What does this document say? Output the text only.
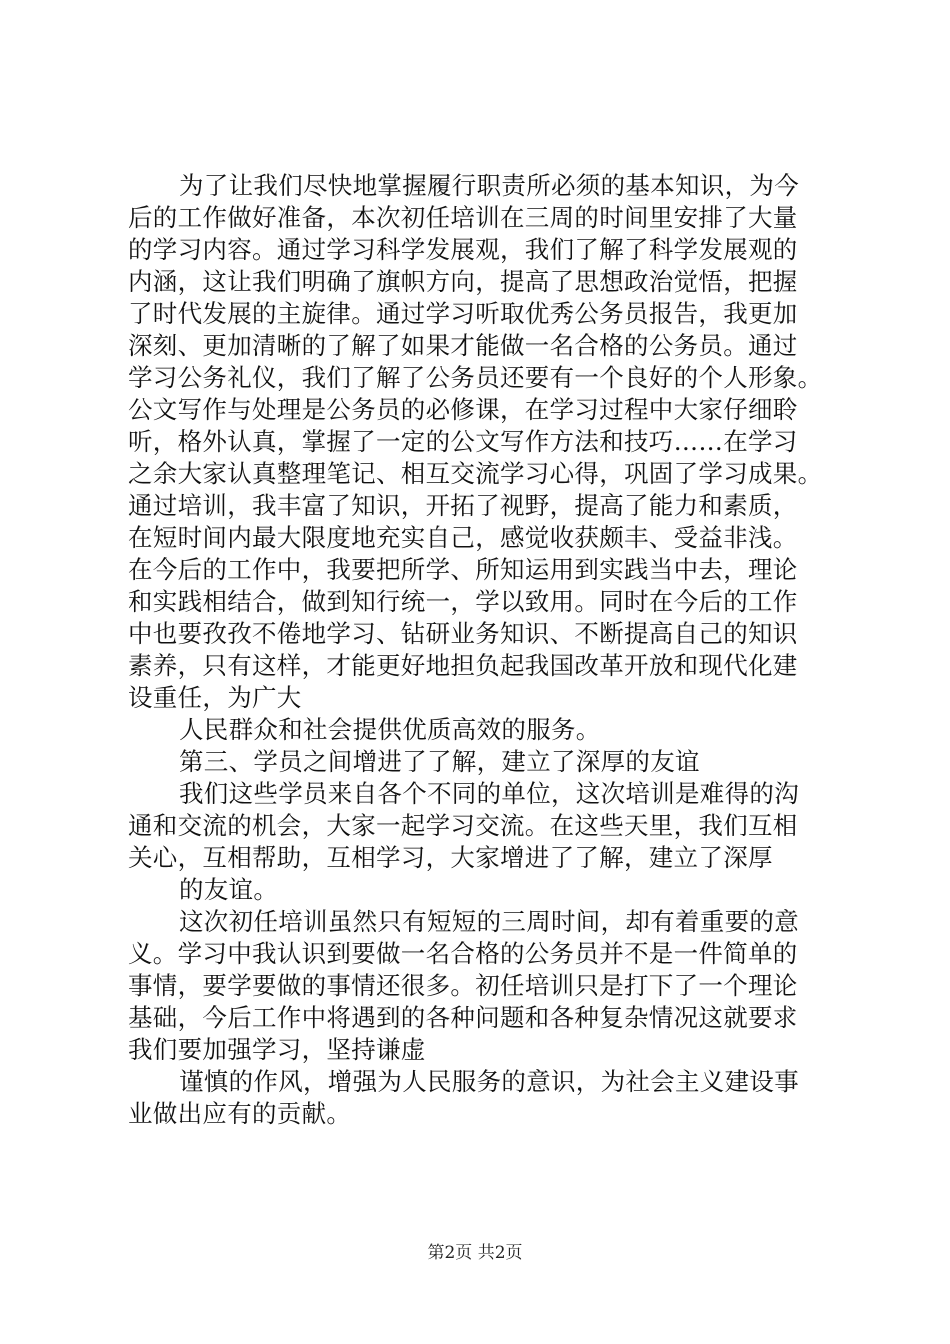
为了让我们尽快地掌握履行职责所必须的基本知识，为今
后的工作做好准备，本次初任培训在三周的时间里安排了大量
的学习内容。通过学习科学发展观，我们了解了科学发展观的
内涵，这让我们明确了旗帜方向，提高了思想政治觉悟，把握
了时代发展的主旋律。通过学习听取优秀公务员报告，我更加
深刻、更加清晰的了解了如果才能做一名合格的公务员。通过
学习公务礼仪，我们了解了公务员还要有一个良好的个人形象。
公文写作与处理是公务员的必修课，在学习过程中大家仔细聆
听，格外认真，掌握了一定的公文写作方法和技巧……在学习
之余大家认真整理笔记、相互交流学习心得，巩固了学习成果。
通过培训，我丰富了知识，开拓了视野，提高了能力和素质，
在短时间内最大限度地充实自己，感觉收获颇丰、受益非浅。
在今后的工作中，我要把所学、所知运用到实践当中去，理论
和实践相结合，做到知行统一，学以致用。同时在今后的工作
中也要孜孜不倦地学习、钻研业务知识、不断提高自己的知识
素养，只有这样，才能更好地担负起我国改革开放和现代化建
设重任，为广大
人民群众和社会提供优质高效的服务。
第三、学员之间增进了了解，建立了深厚的友谊
我们这些学员来自各个不同的单位，这次培训是难得的沟
通和交流的机会，大家一起学习交流。在这些天里，我们互相
关心，互相帮助，互相学习，大家增进了了解，建立了深厚
的友谊。
这次初任培训虽然只有短短的三周时间，却有着重要的意
义。学习中我认识到要做一名合格的公务员并不是一件简单的
事情，要学要做的事情还很多。初任培训只是打下了一个理论
基础，今后工作中将遇到的各种问题和各种复杂情况这就要求
我们要加强学习，坚持谦虚
谨慎的作风，增强为人民服务的意识，为社会主义建设事
业做出应有的贡献。
第2页 共2页
